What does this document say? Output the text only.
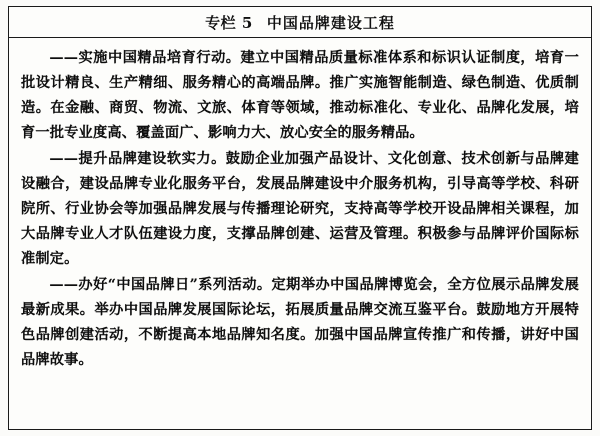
专栏 5 中国品牌建设工程

——实施中国精品培育行动。建立中国精品质量标准体系和标识认证制度，培育一批设计精良、生产精细、服务精心的高端品牌。推广实施智能制造、绿色制造、优质制造。在金融、商贸、物流、文旅、体育等领域，推动标准化、专业化、品牌化发展，培育一批专业度高、覆盖面广、影响力大、放心安全的服务精品。

——提升品牌建设软实力。鼓励企业加强产品设计、文化创意、技术创新与品牌建设融合，建设品牌专业化服务平台，发展品牌建设中介服务机构，引导高等学校、科研院所、行业协会等加强品牌发展与传播理论研究，支持高等学校开设品牌相关课程，加大品牌专业人才队伍建设力度，支撑品牌创建、运营及管理。积极参与品牌评价国际标准制定。

——办好“中国品牌日”系列活动。定期举办中国品牌博览会，全方位展示品牌发展最新成果。举办中国品牌发展国际论坛，拓展质量品牌交流互鉴平台。鼓励地方开展特色品牌创建活动，不断提高本地品牌知名度。加强中国品牌宣传推广和传播，讲好中国品牌故事。
